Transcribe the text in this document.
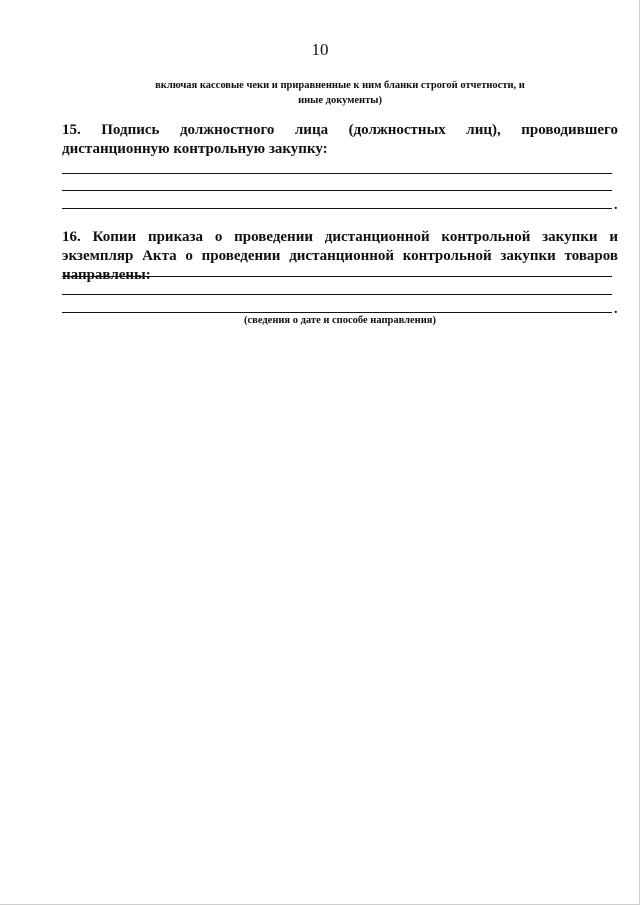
10
включая кассовые чеки и приравненные к ним бланки строгой отчетности, и иные документы)
15. Подпись должностного лица (должностных лиц), проводившего дистанционную контрольную закупку:
.
16. Копии приказа о проведении дистанционной контрольной закупки и экземпляр Акта о проведении дистанционной контрольной закупки товаров направлены:
.
(сведения о дате и способе направления)
